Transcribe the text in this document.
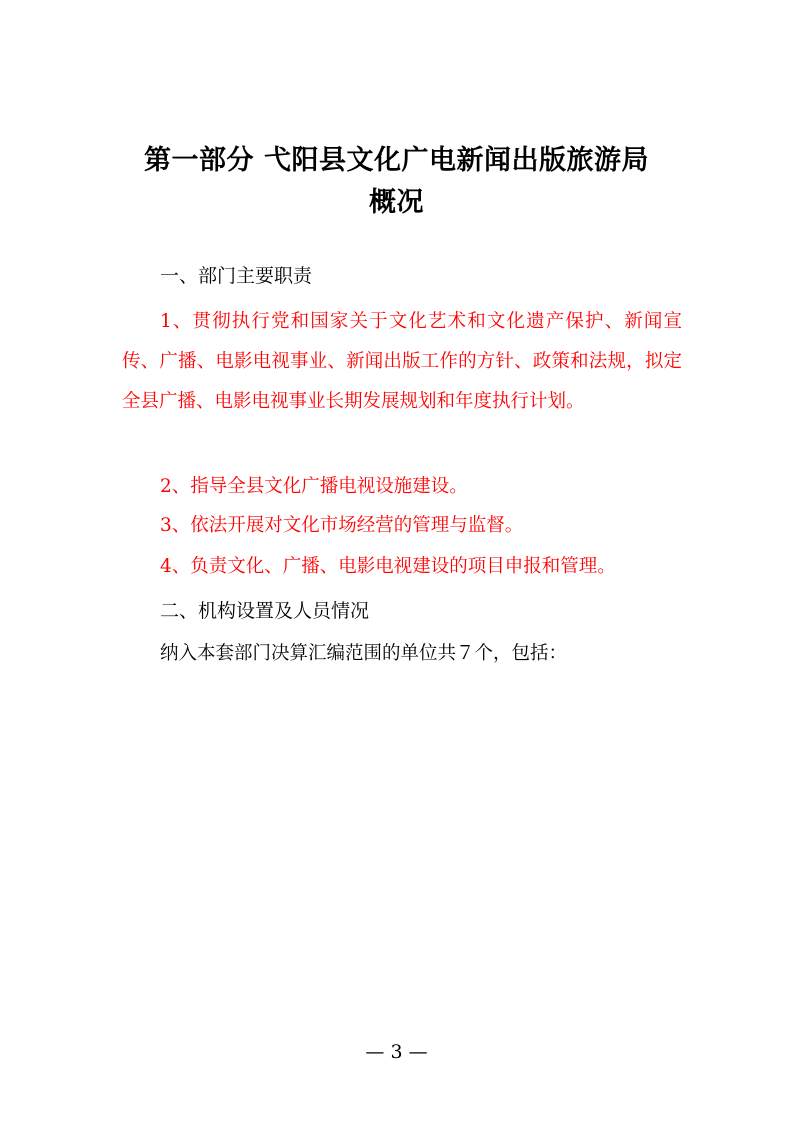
第一部分 弋阳县文化广电新闻出版旅游局
概况
一、部门主要职责
1、贯彻执行党和国家关于文化艺术和文化遗产保护、新闻宣传、广播、电影电视事业、新闻出版工作的方针、政策和法规，拟定全县广播、电影电视事业长期发展规划和年度执行计划。
2、指导全县文化广播电视设施建设。
3、依法开展对文化市场经营的管理与监督。
4、负责文化、广播、电影电视建设的项目申报和管理。
二、机构设置及人员情况
纳入本套部门决算汇编范围的单位共７个，包括：
— 3 —
